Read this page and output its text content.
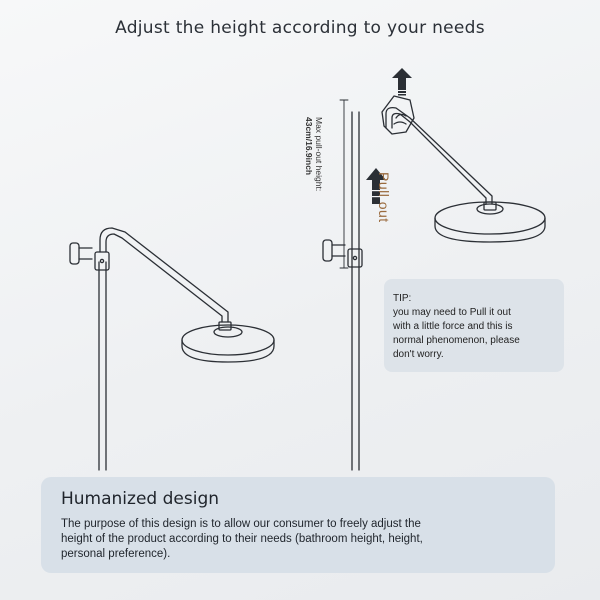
Adjust the height according to your needs
Max pull-out height:
43cm/16.9inch
Pull out
TIP:
you may need to Pull it out
with a little force and this is
normal phenomenon, please
don't worry.
Humanized design
The purpose of this design is to allow our consumer to freely adjust the
height of the product according to their needs (bathroom height, height,
personal preference).
